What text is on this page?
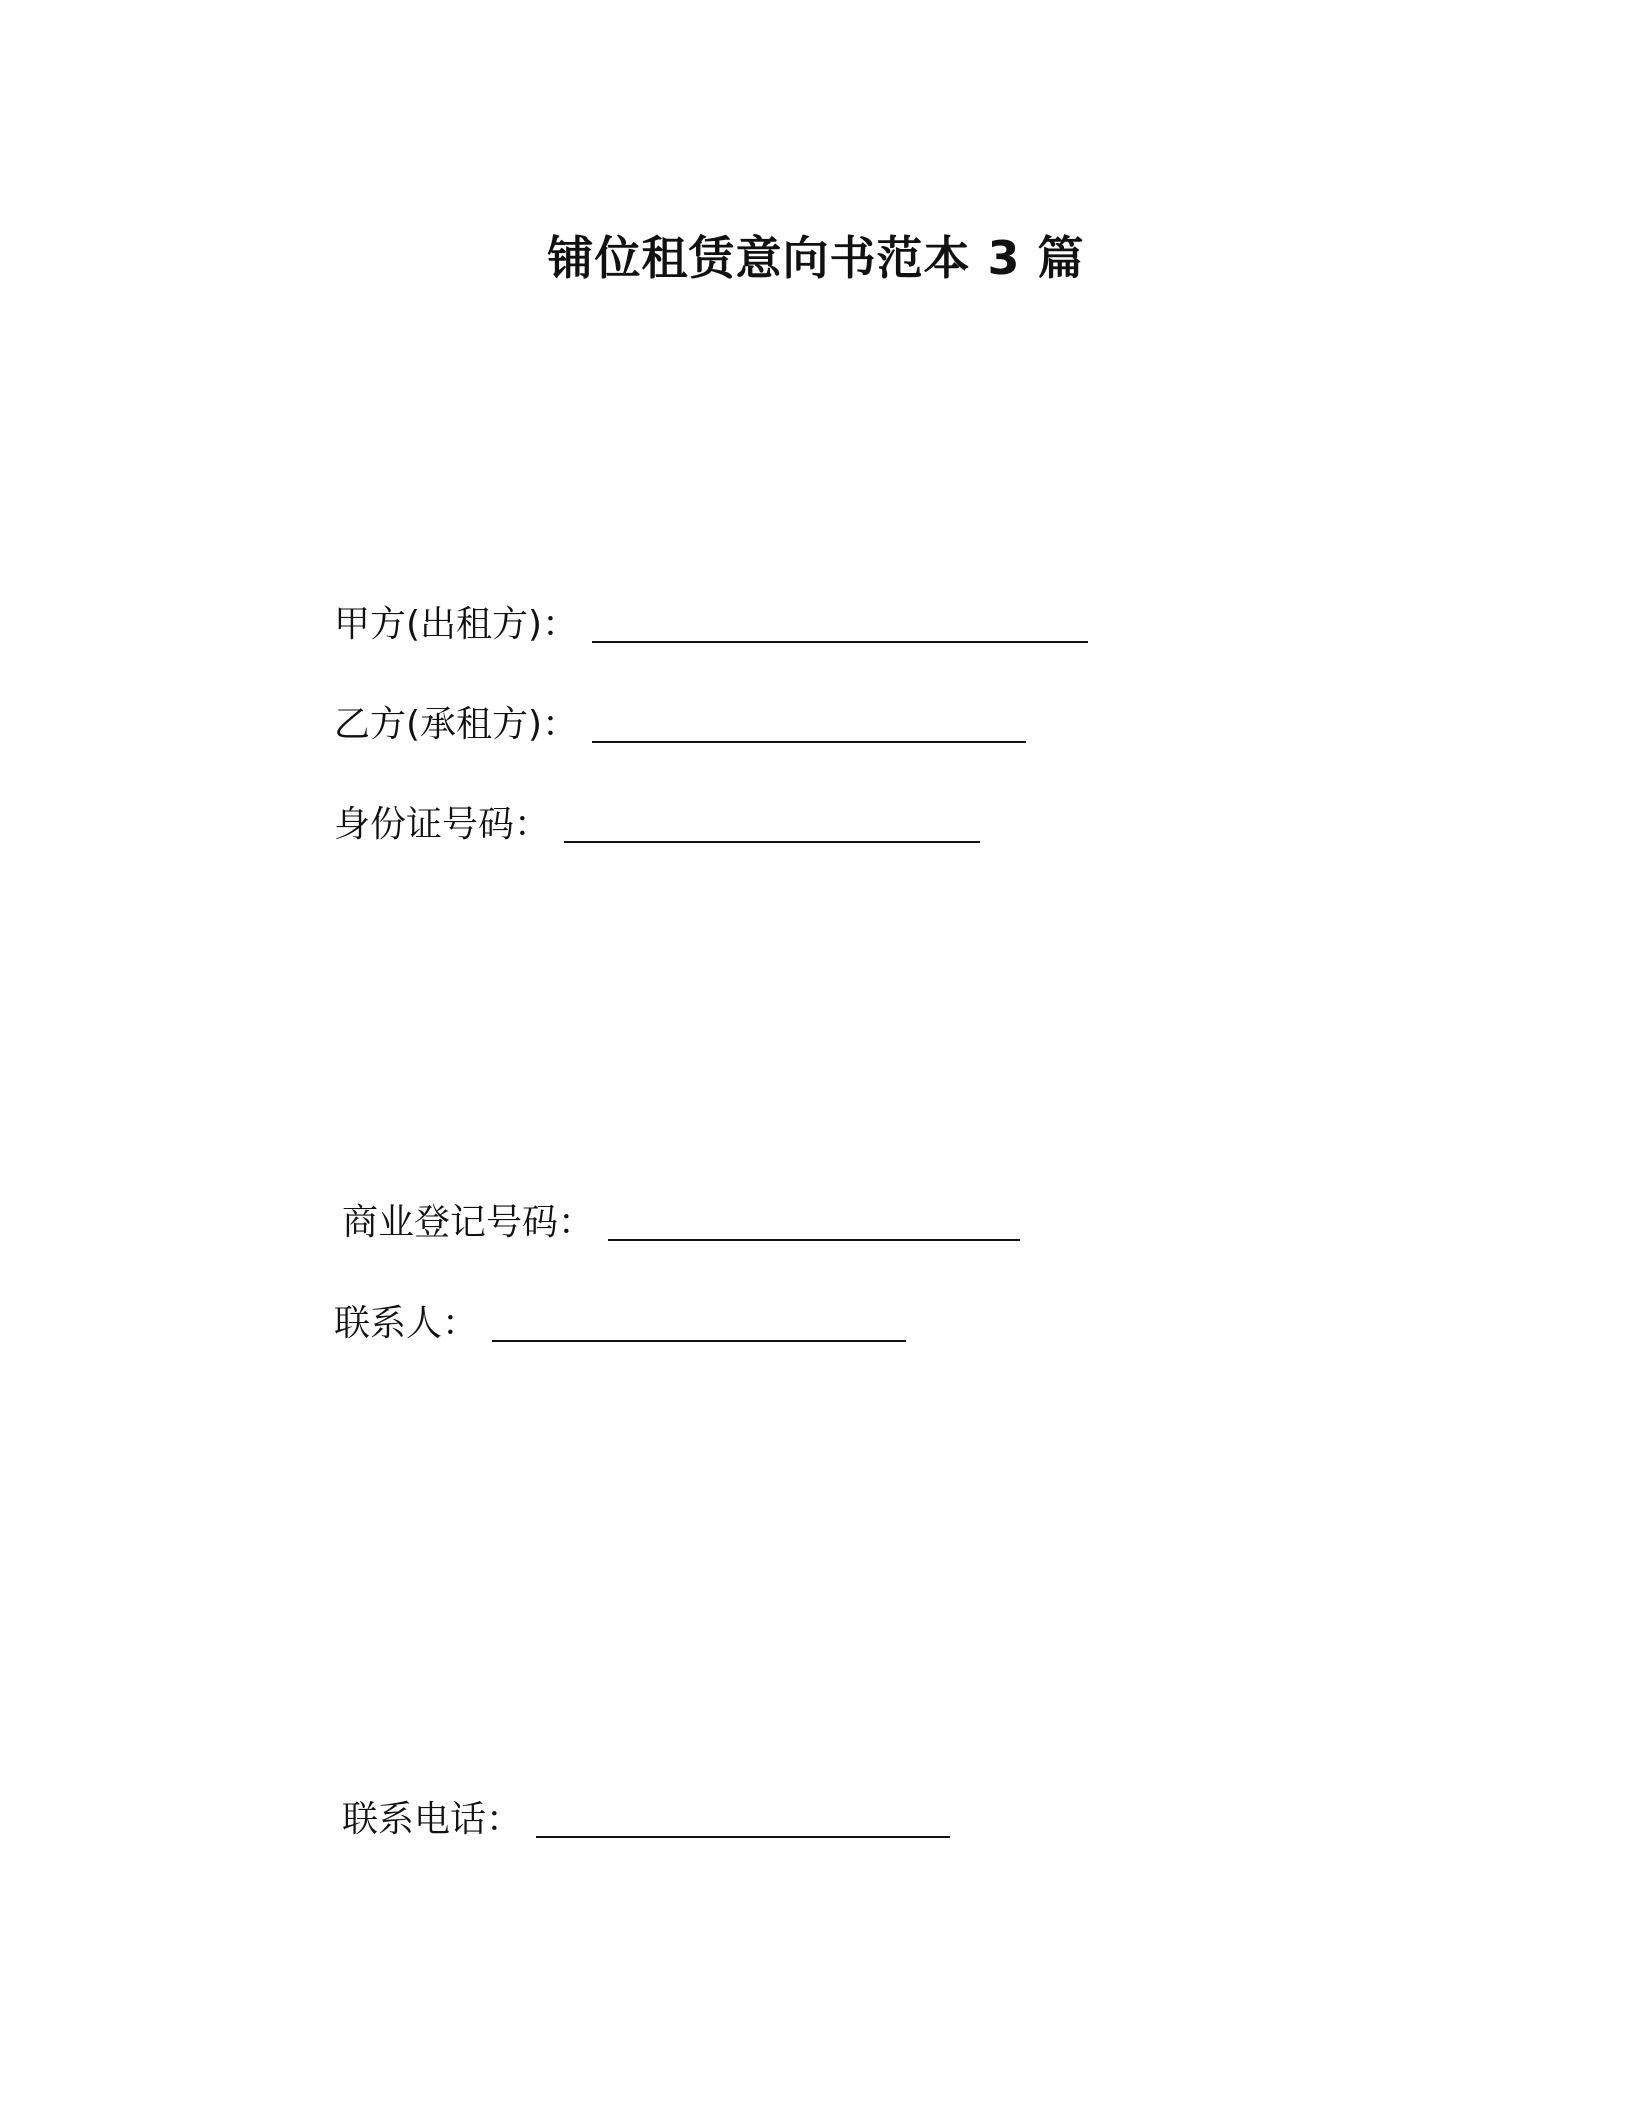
铺位租赁意向书范本 3 篇
甲方(出租方)：
乙方(承租方)：
身份证号码：
商业登记号码：
联系人：
联系电话：
